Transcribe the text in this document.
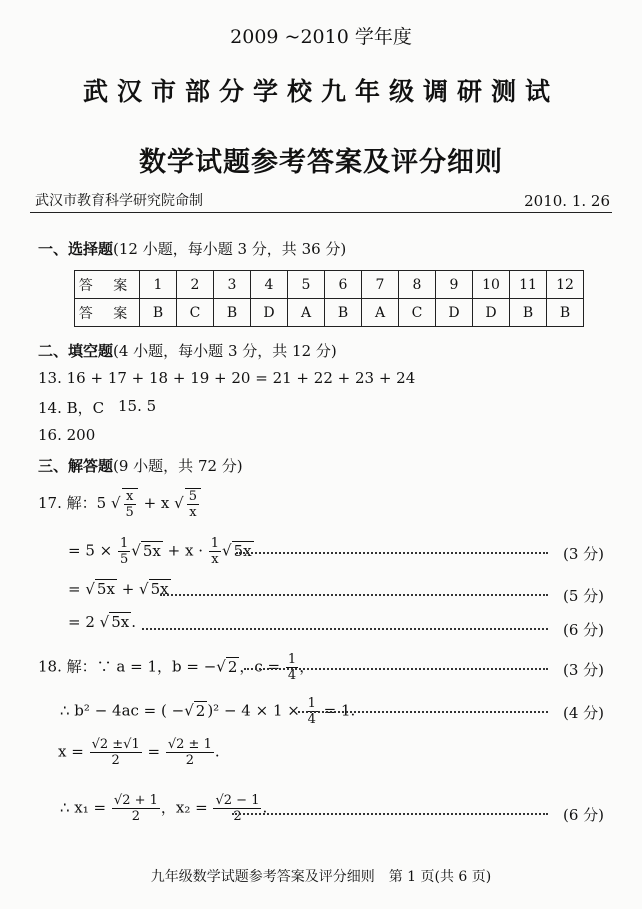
2009 ~2010 学年度
武汉市部分学校九年级调研测试
数学试题参考答案及评分细则
武汉市教育科学研究院命制	2010. 1. 26
一、选择题(12 小题，每小题 3 分，共 36 分)
答 案	1	2	3	4	5	6	7	8	9	10	11	12
答 案	B	C	B	D	A	B	A	C	D	D	B	B
二、填空题(4 小题，每小题 3 分，共 12 分)
13. 16 + 17 + 18 + 19 + 20 = 21 + 22 + 23 + 24
14. B，C 15. 5
16. 200
三、解答题(9 小题，共 72 分)
17. 解：5 √ $\frac{x}{5} + x$ √ $\frac{5}{x}$
= $5 \times \frac{1}{5}$ √ $5x + x \cdot \frac{1}{x}$ √ 5x	(3 分)
= √ 5x + √ 5x	(5 分)
= 2 √ 5x .	(6 分)
18. 解：∵ a = 1，b = −√ 2 ，$c = \frac{1}{4}$ ，	(3 分)
∴ b² − 4ac = ( −√ 2 )$^2 - 4 \times 1 \times \frac{1}{4} = 1$.	(4 分)
$x = \frac{√2 \pm√1}{2} = \frac{√2 \pm 1}{2}$ .
∴ $x_1 = \frac{√2 + 1}{2}$ ，$x_2 = \frac{√2 - 1}{2}$ .	(6 分)
九年级数学试题参考答案及评分细则　第 1 页(共 6 页)
